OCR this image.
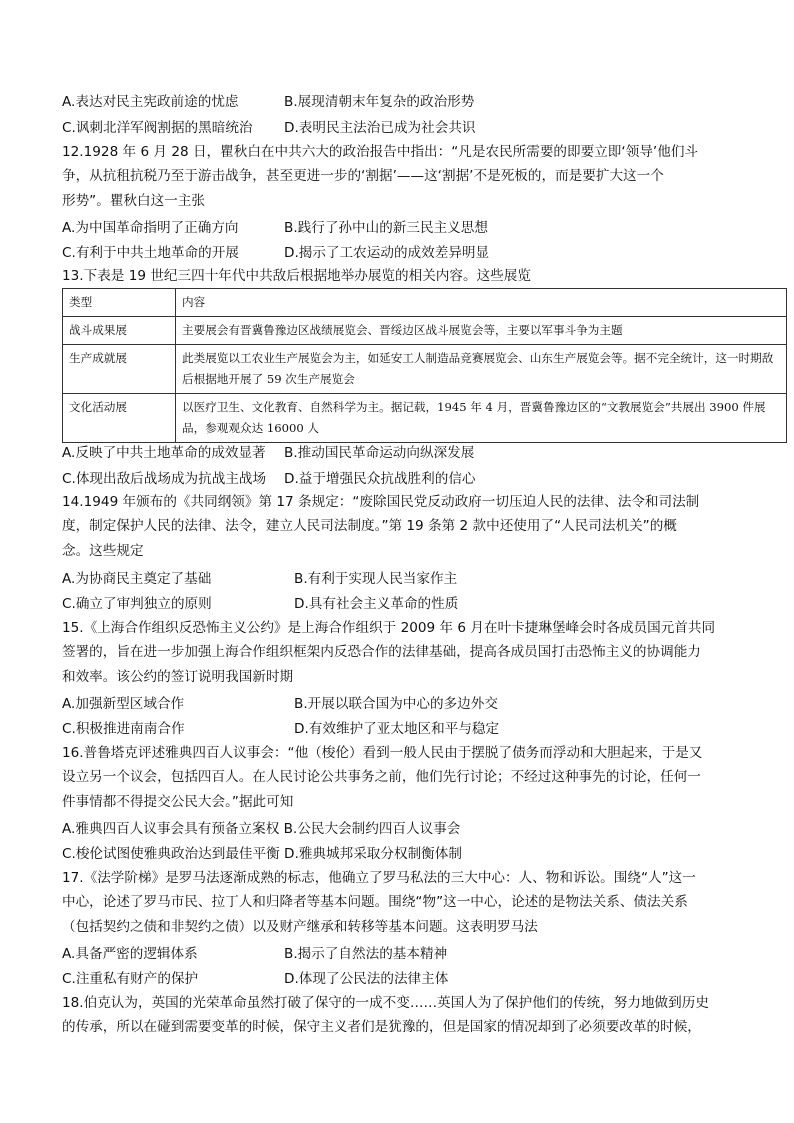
A.表达对民主宪政前途的忧虑	B.展现清朝末年复杂的政治形势
C.讽刺北洋军阀割据的黑暗统治 D.表明民主法治已成为社会共识
12.1928 年 6 月 28 日，瞿秋白在中共六大的政治报告中指出：“凡是农民所需要的即要立即‘领导’他们斗
争，从抗租抗税乃至于游击战争，甚至更进一步的‘割据’——这‘割据’不是死板的，而是要扩大这一个
形势”。瞿秋白这一主张
A.为中国革命指明了正确方向	B.践行了孙中山的新三民主义思想
C.有利于中共土地革命的开展	D.揭示了工农运动的成效差异明显
13.下表是 19 世纪三四十年代中共敌后根据地举办展览的相关内容。这些展览
类型	内容
战斗成果展	主要展会有晋冀鲁豫边区战绩展览会、晋绥边区战斗展览会等，主要以军事斗争为主题
生产成就展	此类展览以工农业生产展览会为主，如延安工人制造品竞赛展览会、山东生产展览会等。据不完全统计，这一时期敌后根据地开展了 59 次生产展览会
文化活动展	以医疗卫生、文化教育、自然科学为主。据记载，1945 年 4 月，晋冀鲁豫边区的“文教展览会”共展出 3900 件展品，参观观众达 16000 人
A.反映了中共土地革命的成效显著 B.推动国民革命运动向纵深发展
C.体现出敌后战场成为抗战主战场 D.益于增强民众抗战胜利的信心
14.1949 年颁布的《共同纲领》第 17 条规定：“废除国民党反动政府一切压迫人民的法律、法令和司法制
度，制定保护人民的法律、法令，建立人民司法制度。”第 19 条第 2 款中还使用了“人民司法机关”的概
念。这些规定
A.为协商民主奠定了基础	B.有利于实现人民当家作主
C.确立了审判独立的原则	D.具有社会主义革命的性质
15.《上海合作组织反恐怖主义公约》是上海合作组织于 2009 年 6 月在叶卡捷琳堡峰会时各成员国元首共同
签署的，旨在进一步加强上海合作组织框架内反恐合作的法律基础，提高各成员国打击恐怖主义的协调能力
和效率。该公约的签订说明我国新时期
A.加强新型区域合作	B.开展以联合国为中心的多边外交
C.积极推进南南合作	D.有效维护了亚太地区和平与稳定
16.普鲁塔克评述雅典四百人议事会：“他（梭伦）看到一般人民由于摆脱了债务而浮动和大胆起来，于是又
设立另一个议会，包括四百人。在人民讨论公共事务之前，他们先行讨论；不经过这种事先的讨论，任何一
件事情都不得提交公民大会。”据此可知
A.雅典四百人议事会具有预备立案权 B.公民大会制约四百人议事会
C.梭伦试图使雅典政治达到最佳平衡 D.雅典城邦采取分权制衡体制
17.《法学阶梯》是罗马法逐渐成熟的标志，他确立了罗马私法的三大中心：人、物和诉讼。围绕“人”这一
中心，论述了罗马市民、拉丁人和归降者等基本问题。围绕“物”这一中心，论述的是物法关系、债法关系
（包括契约之债和非契约之债）以及财产继承和转移等基本问题。这表明罗马法
A.具备严密的逻辑体系	B.揭示了自然法的基本精神
C.注重私有财产的保护	D.体现了公民法的法律主体
18.伯克认为，英国的光荣革命虽然打破了保守的一成不变……英国人为了保护他们的传统，努力地做到历史
的传承，所以在碰到需要变革的时候，保守主义者们是犹豫的，但是国家的情况却到了必须要改革的时候，
